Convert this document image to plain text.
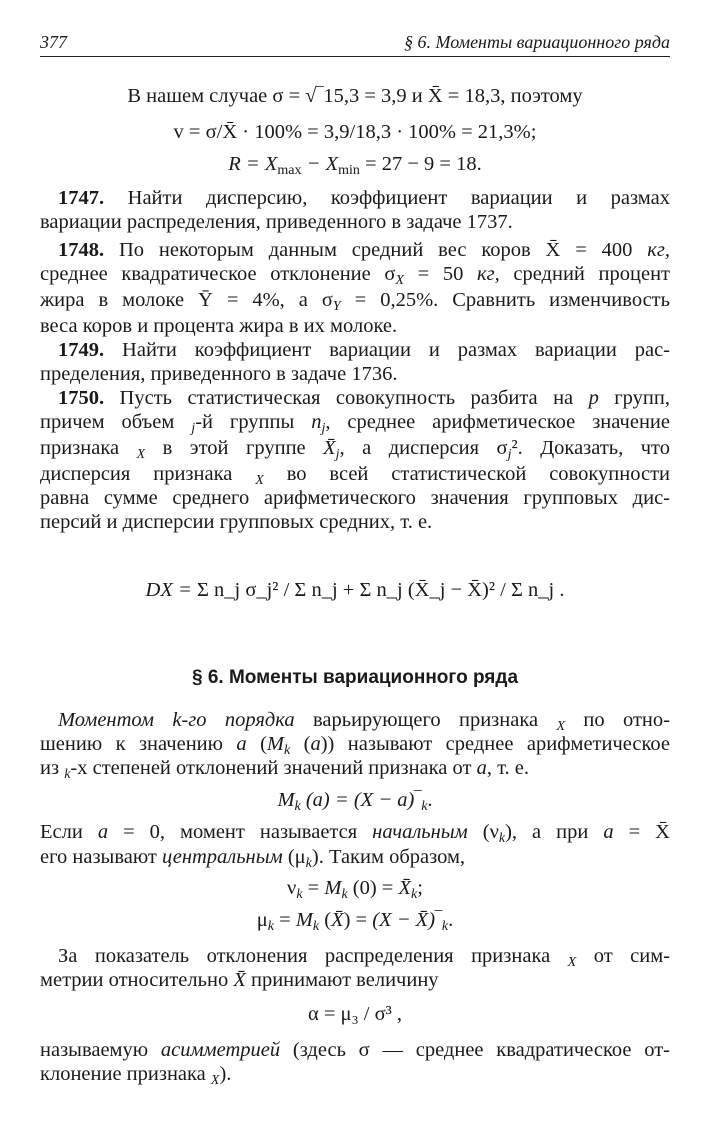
377	§ 6. Моменты вариационного ряда
В нашем случае σ = √‾15,3 = 3,9 и X̄ = 18,3, поэтому
v = σ/X̄ · 100% = 3,9/18,3 · 100% = 21,3%;
R = Xmax − Xmin = 27 − 9 = 18.
1747. Найти дисперсию, коэффициент вариации и размах
вариации распределения, приведенного в задаче 1737.
1748. По некоторым данным средний вес коров X̄ = 400 кг,
среднее квадратическое отклонение σX = 50 кг, средний процент
жира в молоке Ȳ = 4%, а σY = 0,25%. Сравнить изменчивость
веса коров и процента жира в их молоке.
1749. Найти коэффициент вариации и размах вариации рас-
пределения, приведенного в задаче 1736.
1750. Пусть статистическая совокупность разбита на p групп,
причем объем j-й группы nj, среднее арифметическое значение
признака X в этой группе X̄j, а дисперсия σj². Доказать, что
дисперсия признака X во всей статистической совокупности
равна сумме среднего арифметического значения групповых дис-
персий и дисперсии групповых средних, т. е.
DX = Σ n_j σ_j² / Σ n_j + Σ n_j (X̄_j − X̄)² / Σ n_j .
§ 6. Моменты вариационного ряда
Моментом k-го порядка варьирующего признака X по отно-
шению к значению a (Mk (a)) называют среднее арифметическое
из k-х степеней отклонений значений признака от a, т. е.
Mk (a) = (X − a)‾k.
Если a = 0, момент называется начальным (νk), а при a = X̄
его называют центральным (μk). Таким образом,
νk = Mk (0) = X̄k;
μk = Mk (X̄) = (X − X̄)‾k.
За показатель отклонения распределения признака X от сим-
метрии относительно X̄ принимают величину
α = μ₃ / σ³ ,
называемую асимметрией (здесь σ — среднее квадратическое от-
клонение признака X).
